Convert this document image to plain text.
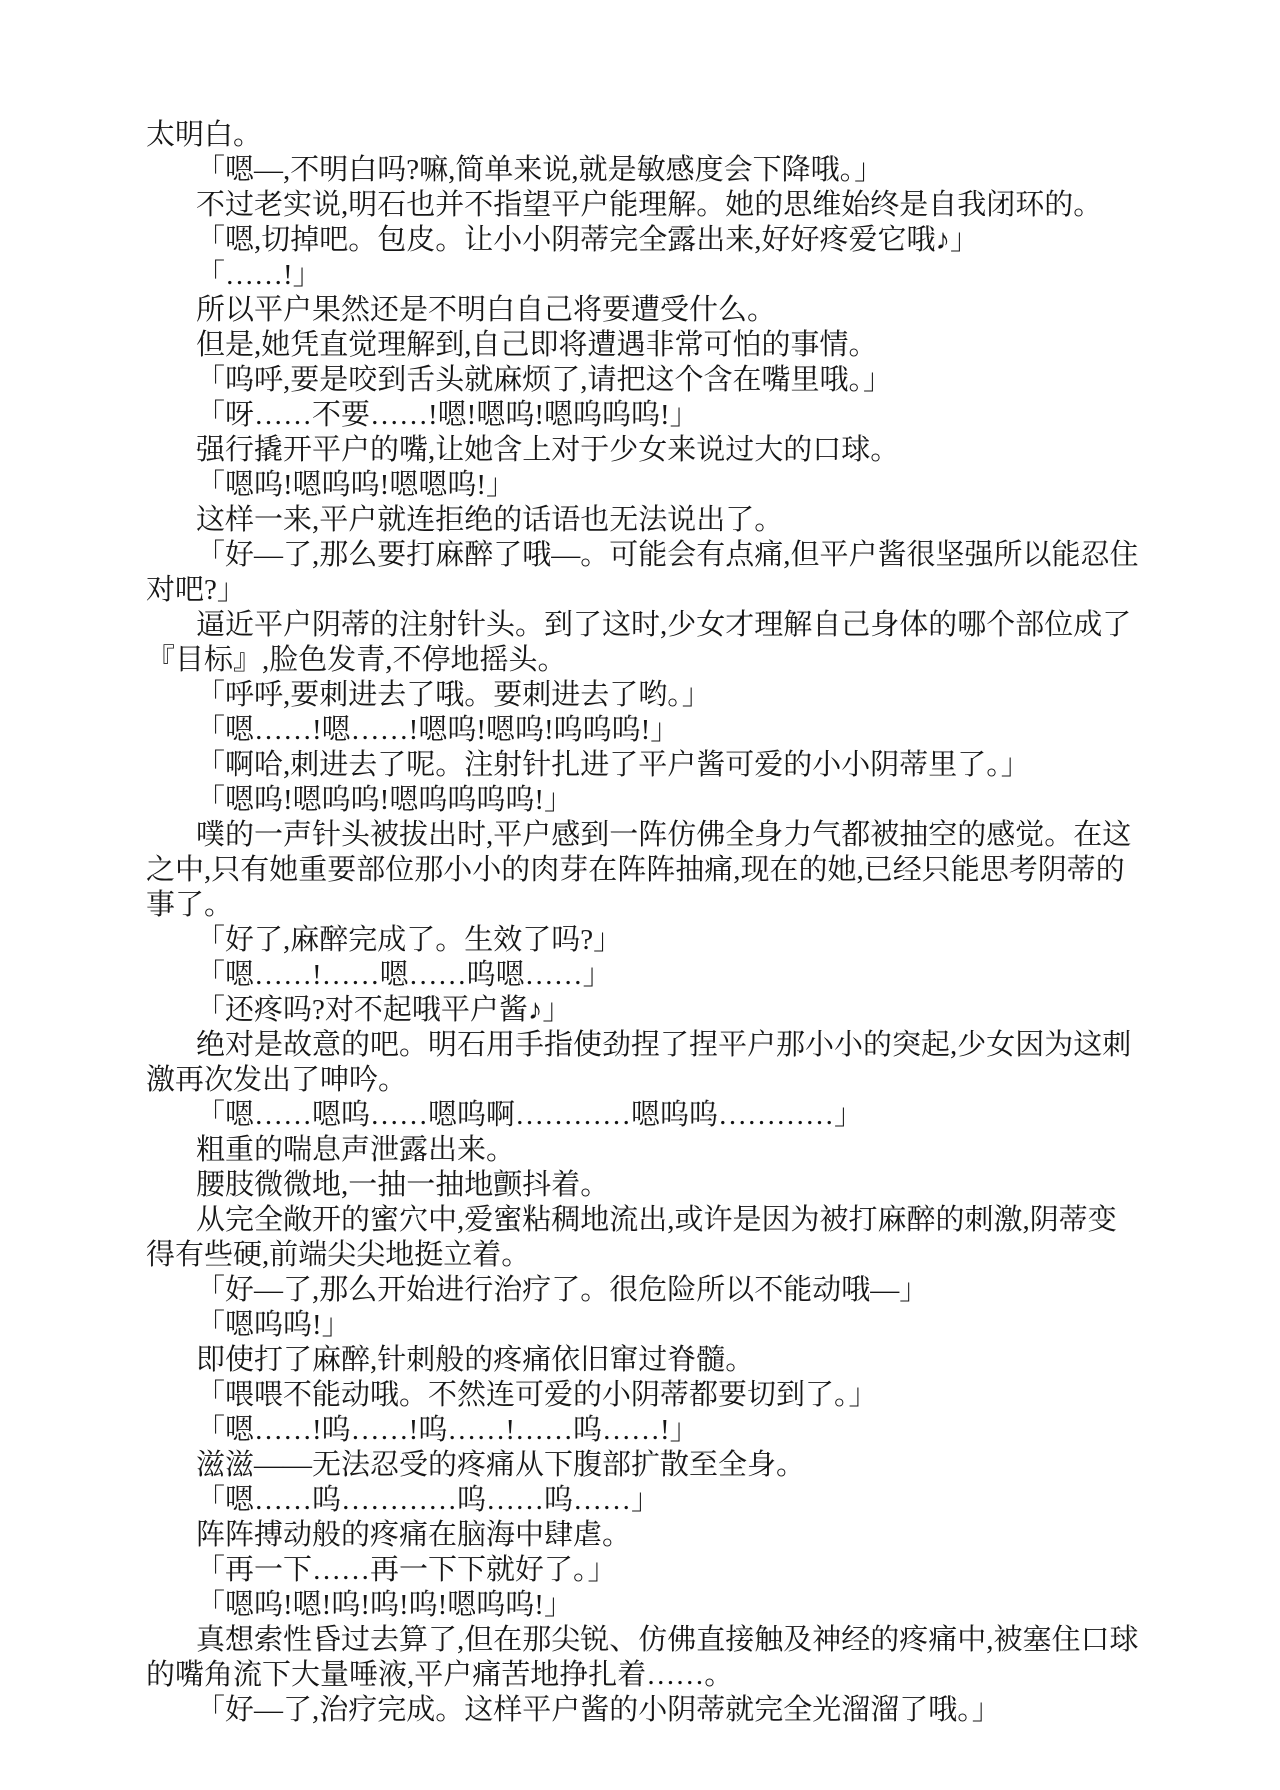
太明白。
「嗯—,不明白吗?嘛,简单来说,就是敏感度会下降哦。」
不过老实说,明石也并不指望平户能理解。她的思维始终是自我闭环的。
「嗯,切掉吧。包皮。让小小阴蒂完全露出来,好好疼爱它哦♪」
「……!」
所以平户果然还是不明白自己将要遭受什么。
但是,她凭直觉理解到,自己即将遭遇非常可怕的事情。
「呜呼,要是咬到舌头就麻烦了,请把这个含在嘴里哦。」
「呀……不要……!嗯!嗯呜!嗯呜呜呜!」
强行撬开平户的嘴,让她含上对于少女来说过大的口球。
「嗯呜!嗯呜呜!嗯嗯呜!」
这样一来,平户就连拒绝的话语也无法说出了。
「好—了,那么要打麻醉了哦—。可能会有点痛,但平户酱很坚强所以能忍住
对吧?」
逼近平户阴蒂的注射针头。到了这时,少女才理解自己身体的哪个部位成了
『目标』,脸色发青,不停地摇头。
「呼呼,要刺进去了哦。要刺进去了哟。」
「嗯……!嗯……!嗯呜!嗯呜!呜呜呜!」
「啊哈,刺进去了呢。注射针扎进了平户酱可爱的小小阴蒂里了。」
「嗯呜!嗯呜呜!嗯呜呜呜呜!」
噗的一声针头被拔出时,平户感到一阵仿佛全身力气都被抽空的感觉。在这
之中,只有她重要部位那小小的肉芽在阵阵抽痛,现在的她,已经只能思考阴蒂的
事了。
「好了,麻醉完成了。生效了吗?」
「嗯……!……嗯……呜嗯……」
「还疼吗?对不起哦平户酱♪」
绝对是故意的吧。明石用手指使劲捏了捏平户那小小的突起,少女因为这刺
激再次发出了呻吟。
「嗯……嗯呜……嗯呜啊…………嗯呜呜…………」
粗重的喘息声泄露出来。
腰肢微微地,一抽一抽地颤抖着。
从完全敞开的蜜穴中,爱蜜粘稠地流出,或许是因为被打麻醉的刺激,阴蒂变
得有些硬,前端尖尖地挺立着。
「好—了,那么开始进行治疗了。很危险所以不能动哦—」
「嗯呜呜!」
即使打了麻醉,针刺般的疼痛依旧窜过脊髓。
「喂喂不能动哦。不然连可爱的小阴蒂都要切到了。」
「嗯……!呜……!呜……!……呜……!」
滋滋——无法忍受的疼痛从下腹部扩散至全身。
「嗯……呜…………呜……呜……」
阵阵搏动般的疼痛在脑海中肆虐。
「再一下……再一下下就好了。」
「嗯呜!嗯!呜!呜!呜!嗯呜呜!」
真想索性昏过去算了,但在那尖锐、仿佛直接触及神经的疼痛中,被塞住口球
的嘴角流下大量唾液,平户痛苦地挣扎着……。
「好—了,治疗完成。这样平户酱的小阴蒂就完全光溜溜了哦。」
